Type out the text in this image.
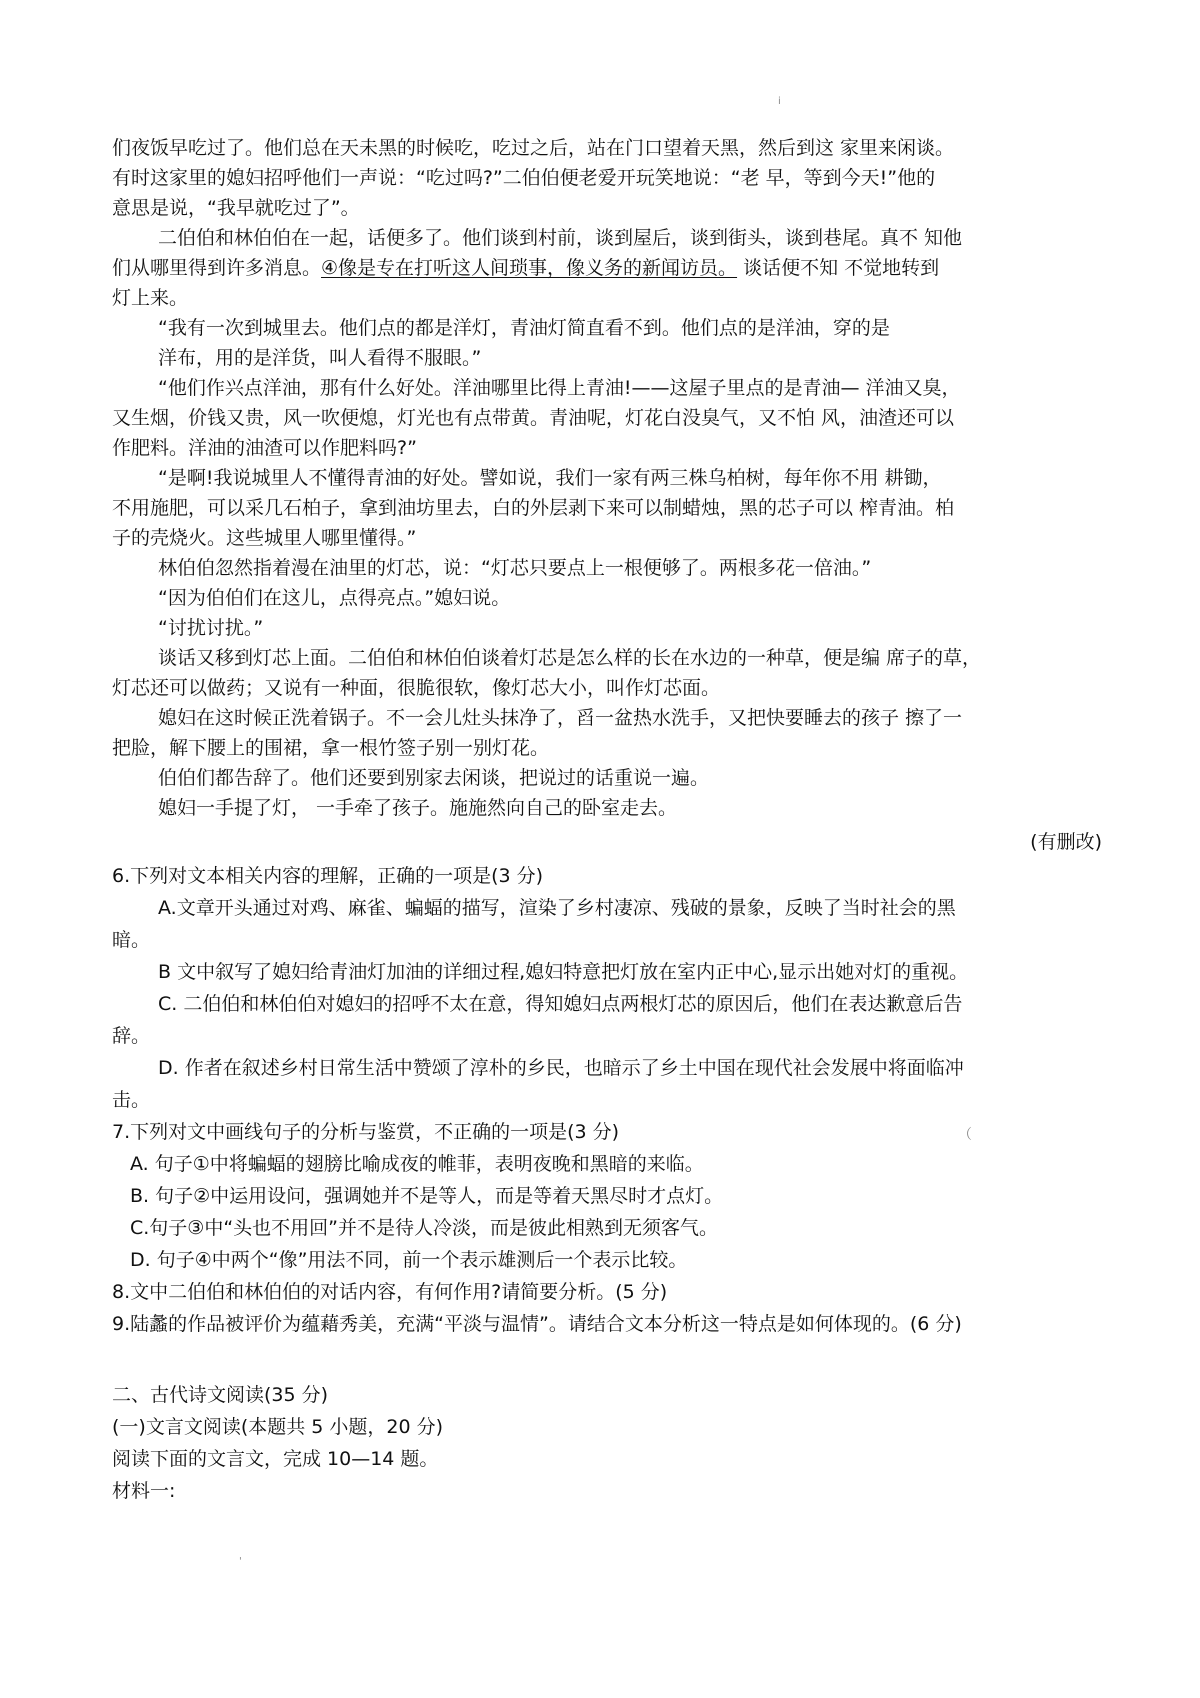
ⅰ
们夜饭早吃过了。他们总在天未黑的时候吃，吃过之后，站在门口望着天黑，然后到这 家里来闲谈。
有时这家里的媳妇招呼他们一声说：“吃过吗?”二伯伯便老爱开玩笑地说：“老 早，等到今天!”他的
意思是说，“我早就吃过了”。
二伯伯和林伯伯在一起，话便多了。他们谈到村前，谈到屋后，谈到街头，谈到巷尾。真不 知他
们从哪里得到许多消息。④像是专在打听这人间琐事，像义务的新闻访员。 谈话便不知 不觉地转到
灯上来。
“我有一次到城里去。他们点的都是洋灯，青油灯简直看不到。他们点的是洋油，穿的是
洋布，用的是洋货，叫人看得不服眼。”
“他们作兴点洋油，那有什么好处。洋油哪里比得上青油!——这屋子里点的是青油— 洋油又臭，
又生烟，价钱又贵，风一吹便熄，灯光也有点带黄。青油呢，灯花白没臭气，又不怕 风，油渣还可以
作肥料。洋油的油渣可以作肥料吗?”
“是啊!我说城里人不懂得青油的好处。譬如说，我们一家有两三株乌柏树，每年你不用 耕锄，
不用施肥，可以采几石柏子，拿到油坊里去，白的外层剥下来可以制蜡烛，黑的芯子可以 榨青油。柏
子的壳烧火。这些城里人哪里懂得。”
林伯伯忽然指着漫在油里的灯芯，说：“灯芯只要点上一根便够了。两根多花一倍油。”
“因为伯伯们在这儿，点得亮点。”媳妇说。
“讨扰讨扰。”
谈话又移到灯芯上面。二伯伯和林伯伯谈着灯芯是怎么样的长在水边的一种草，便是编 席子的草，
灯芯还可以做药；又说有一种面，很脆很软，像灯芯大小，叫作灯芯面。
媳妇在这时候正洗着锅子。不一会儿灶头抹净了，舀一盆热水洗手，又把快要睡去的孩子 擦了一
把脸，解下腰上的围裙，拿一根竹签子别一别灯花。
伯伯们都告辞了。他们还要到别家去闲谈，把说过的话重说一遍。
媳妇一手提了灯， 一手牵了孩子。施施然向自己的卧室走去。
(有删改)
6.下列对文本相关内容的理解，正确的一项是(3 分)
A.文章开头通过对鸡、麻雀、蝙蝠的描写，渲染了乡村凄凉、残破的景象，反映了当时社会的黑
暗。
B 文中叙写了媳妇给青油灯加油的详细过程,媳妇特意把灯放在室内正中心,显示出她对灯的重视。
C. 二伯伯和林伯伯对媳妇的招呼不太在意，得知媳妇点两根灯芯的原因后，他们在表达歉意后告
辞。
D. 作者在叙述乡村日常生活中赞颂了淳朴的乡民，也暗示了乡土中国在现代社会发展中将面临冲
击。
7.下列对文中画线句子的分析与鉴赏，不正确的一项是(3 分)	（
A. 句子①中将蝙蝠的翅膀比喻成夜的帷菲，表明夜晚和黑暗的来临。
B. 句子②中运用设问，强调她并不是等人，而是等着天黑尽时才点灯。
C.句子③中“头也不用回”并不是待人冷淡，而是彼此相熟到无须客气。
D. 句子④中两个“像”用法不同，前一个表示雄测后一个表示比较。
8.文中二伯伯和林伯伯的对话内容，有何作用?请简要分析。(5 分)
9.陆蠡的作品被评价为蕴藉秀美，充满“平淡与温情”。请结合文本分析这一特点是如何体现的。(6 分)
二、古代诗文阅读(35 分)
(一)文言文阅读(本题共 5 小题，20 分)
阅读下面的文言文，完成 10—14 题。
材料一:
'
